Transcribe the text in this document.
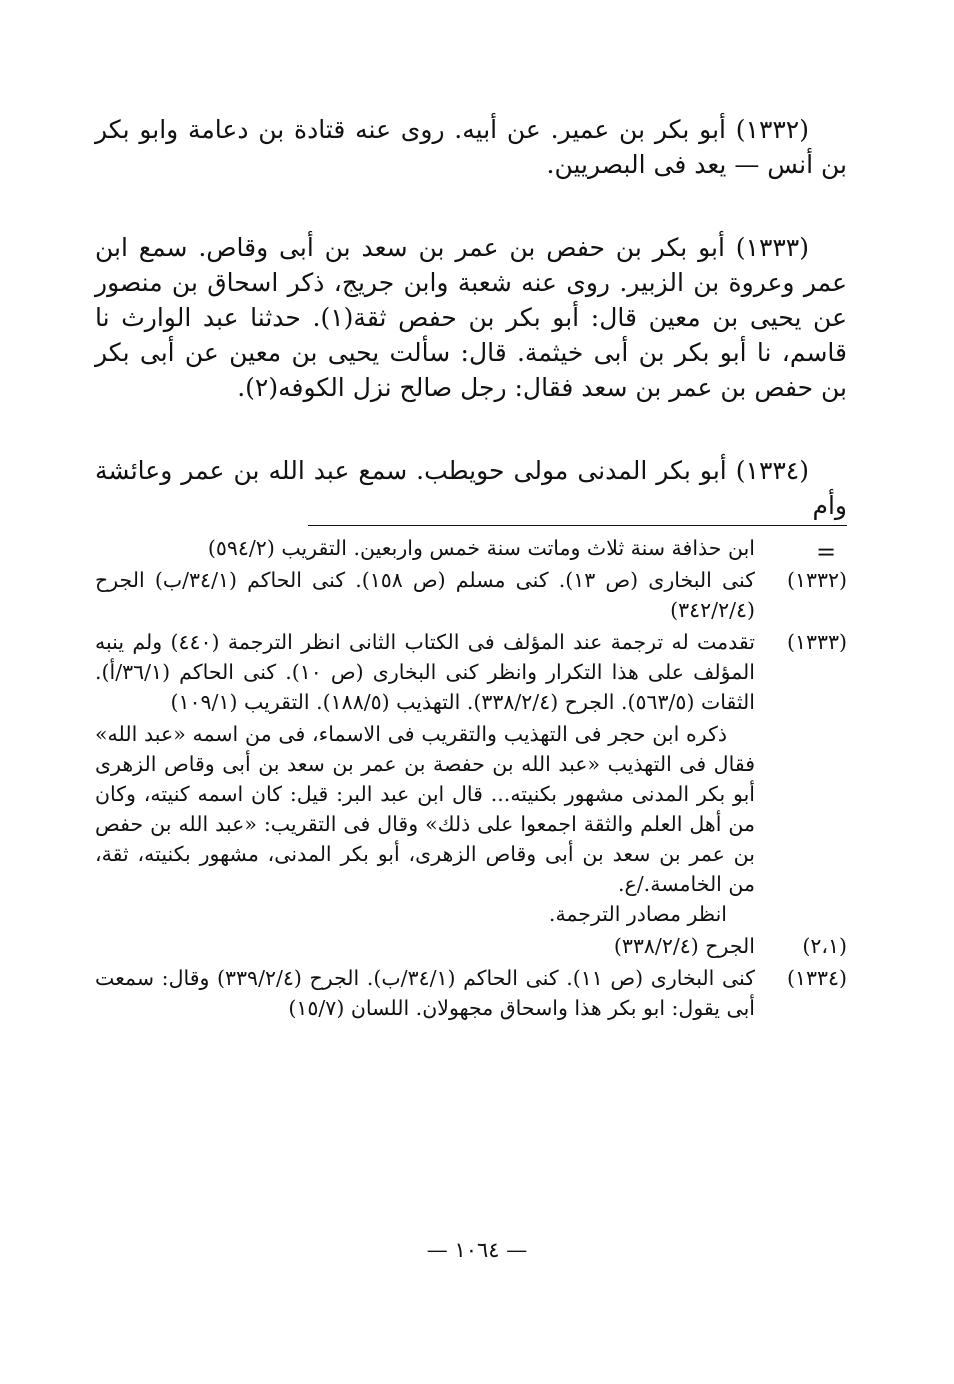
(١٣٣٢) أبو بكر بن عمير. عن أبيه. روى عنه قتادة بن دعامة وابو بكر بن أنس — يعد فى البصريين.

(١٣٣٣) أبو بكر بن حفص بن عمر بن سعد بن أبى وقاص. سمع ابن عمر وعروة بن الزبير. روى عنه شعبة وابن جريج، ذكر اسحاق بن منصور عن يحيى بن معين قال: أبو بكر بن حفص ثقة(١). حدثنا عبد الوارث نا قاسم، نا أبو بكر بن أبى خيثمة. قال: سألت يحيى بن معين عن أبى بكر بن حفص بن عمر بن سعد فقال: رجل صالح نزل الكوفه(٢).

(١٣٣٤) أبو بكر المدنى مولى حويطب. سمع عبد الله بن عمر وعائشة وأم

=
ابن حذافة سنة ثلاث وماتت سنة خمس واربعين. التقريب (٥٩٤/٢)
(١٣٣٢)
كنى البخارى (ص ١٣). كنى مسلم (ص ١٥٨). كنى الحاكم (٣٤/١/ب) الجرح (٣٤٢/٢/٤)
(١٣٣٣)
تقدمت له ترجمة عند المؤلف فى الكتاب الثانى انظر الترجمة (٤٤٠) ولم ينبه المؤلف على هذا التكرار وانظر كنى البخارى (ص ١٠). كنى الحاكم (٣٦/١/أ). الثقات (٥٦٣/٥). الجرح (٣٣٨/٢/٤). التهذيب (١٨٨/٥). التقريب (١٠٩/١)
ذكره ابن حجر فى التهذيب والتقريب فى الاسماء، فى من اسمه «عبد الله» فقال فى التهذيب «عبد الله بن حفصة بن عمر بن سعد بن أبى وقاص الزهرى أبو بكر المدنى مشهور بكنيته... قال ابن عبد البر: قيل: كان اسمه كنيته، وكان من أهل العلم والثقة اجمعوا على ذلك» وقال فى التقريب: «عبد الله بن حفص بن عمر بن سعد بن أبى وقاص الزهرى، أبو بكر المدنى، مشهور بكنيته، ثقة، من الخامسة./ع.
انظر مصادر الترجمة.
(٢،١)
الجرح (٣٣٨/٢/٤)
(١٣٣٤)
كنى البخارى (ص ١١). كنى الحاكم (٣٤/١/ب). الجرح (٣٣٩/٢/٤) وقال: سمعت أبى يقول: ابو بكر هذا واسحاق مجهولان. اللسان (١٥/٧)
— ١٠٦٤ —
